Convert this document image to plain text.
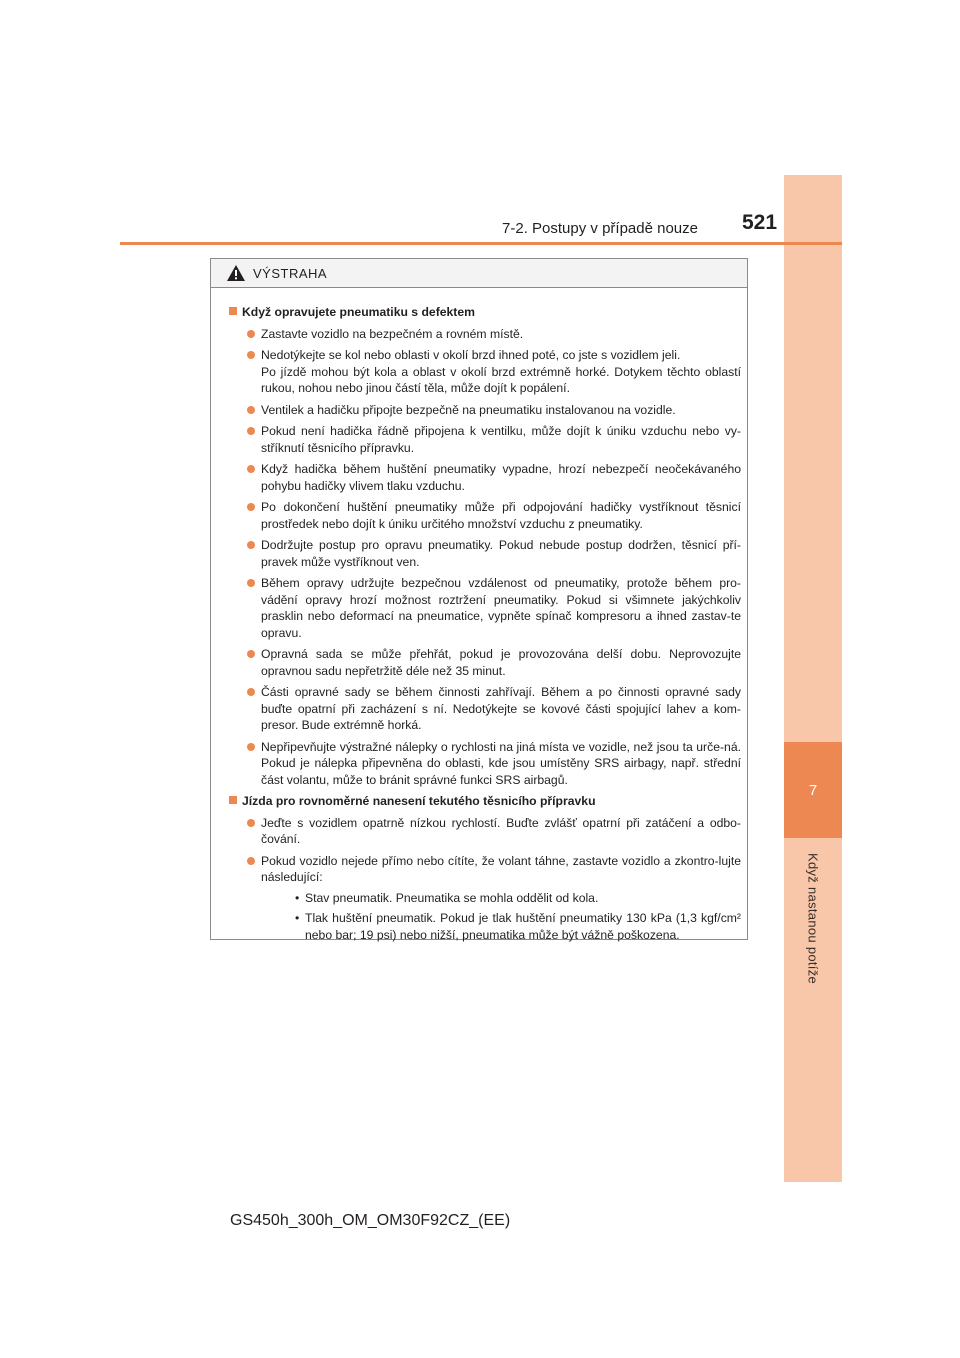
7
Když nastanou potíže
7-2. Postupy v případě nouze 521
VÝSTRAHA
Když opravujete pneumatiku s defektem
Zastavte vozidlo na bezpečném a rovném místě.
Nedotýkejte se kol nebo oblasti v okolí brzd ihned poté, co jste s vozidlem jeli.
Po jízdě mohou být kola a oblast v okolí brzd extrémně horké. Dotykem těchto oblastí rukou, nohou nebo jinou částí těla, může dojít k popálení.
Ventilek a hadičku připojte bezpečně na pneumatiku instalovanou na vozidle.
Pokud není hadička řádně připojena k ventilku, může dojít k úniku vzduchu nebo vy-stříknutí těsnicího přípravku.
Když hadička během huštění pneumatiky vypadne, hrozí nebezpečí neočekávaného pohybu hadičky vlivem tlaku vzduchu.
Po dokončení huštění pneumatiky může při odpojování hadičky vystříknout těsnicí prostředek nebo dojít k úniku určitého množství vzduchu z pneumatiky.
Dodržujte postup pro opravu pneumatiky. Pokud nebude postup dodržen, těsnicí pří-pravek může vystříknout ven.
Během opravy udržujte bezpečnou vzdálenost od pneumatiky, protože během pro-vádění opravy hrozí možnost roztržení pneumatiky. Pokud si všimnete jakýchkoliv prasklin nebo deformací na pneumatice, vypněte spínač kompresoru a ihned zastav-te opravu.
Opravná sada se může přehřát, pokud je provozována delší dobu. Neprovozujte opravnou sadu nepřetržitě déle než 35 minut.
Části opravné sady se během činnosti zahřívají. Během a po činnosti opravné sady buďte opatrní při zacházení s ní. Nedotýkejte se kovové části spojující lahev a kom-presor. Bude extrémně horká.
Nepřipevňujte výstražné nálepky o rychlosti na jiná místa ve vozidle, než jsou ta urče-ná. Pokud je nálepka připevněna do oblasti, kde jsou umístěny SRS airbagy, např. střední část volantu, může to bránit správné funkci SRS airbagů.
Jízda pro rovnoměrné nanesení tekutého těsnicího přípravku
Jeďte s vozidlem opatrně nízkou rychlostí. Buďte zvlášť opatrní při zatáčení a odbo-čování.
Pokud vozidlo nejede přímo nebo cítíte, že volant táhne, zastavte vozidlo a zkontro-lujte následující:
• Stav pneumatik. Pneumatika se mohla oddělit od kola.
• Tlak huštění pneumatik. Pokud je tlak huštění pneumatiky 130 kPa (1,3 kgf/cm² nebo bar; 19 psi) nebo nižší, pneumatika může být vážně poškozena.
GS450h_300h_OM_OM30F92CZ_(EE)
